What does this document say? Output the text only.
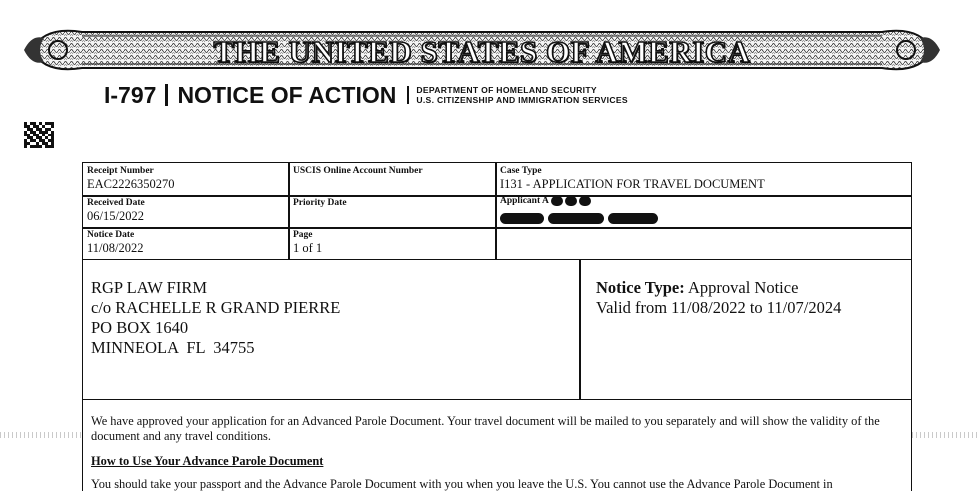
THE UNITED STATES OF AMERICA
I-797 NOTICE OF ACTION DEPARTMENT OF HOMELAND SECURITY
U.S. CITIZENSHIP AND IMMIGRATION SERVICES
Receipt Number
EAC2226350270
USCIS Online Account Number	Case Type
I131 - APPLICATION FOR TRAVEL DOCUMENT
Received Date
06/15/2022
Priority Date	Applicant A

Notice Date
11/08/2022
Page
1 of 1
RGP LAW FIRM
c/o RACHELLE R GRAND PIERRE
PO BOX 1640
MINNEOLA  FL  34755
Notice Type: Approval Notice
Valid from 11/08/2022 to 11/07/2024

We have approved your application for an Advanced Parole Document. Your travel document will be mailed to you separately and will show the validity of the document and any travel conditions.

How to Use Your Advance Parole Document

You should take your passport and the Advance Parole Document with you when you leave the U.S. You cannot use the Advance Parole Document in
